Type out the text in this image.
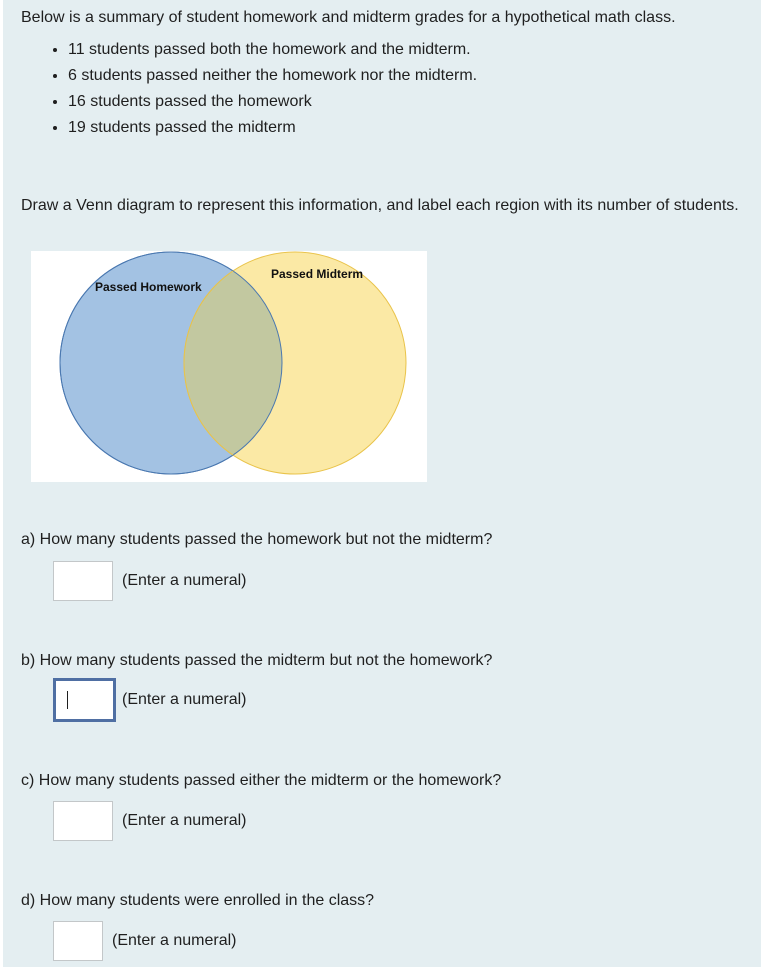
Below is a summary of student homework and midterm grades for a hypothetical math class.

• 11 students passed both the homework and the midterm.
• 6 students passed neither the homework nor the midterm.
• 16 students passed the homework
• 19 students passed the midterm

Draw a Venn diagram to represent this information, and label each region with its number of students.

Passed Homework
Passed Midterm

a) How many students passed the homework but not the midterm?

(Enter a numeral)

b) How many students passed the midterm but not the homework?

(Enter a numeral)

c) How many students passed either the midterm or the homework?

(Enter a numeral)

d) How many students were enrolled in the class?

(Enter a numeral)
